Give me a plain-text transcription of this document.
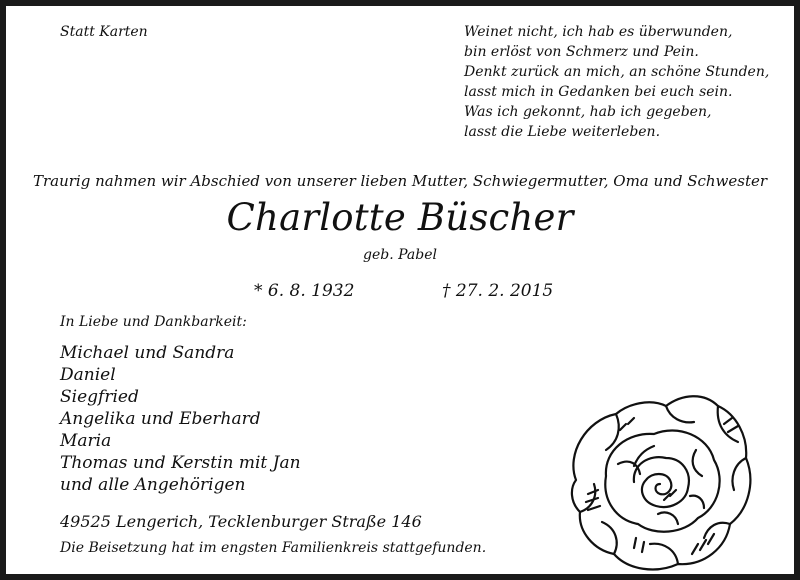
Statt Karten	Weinet nicht, ich hab es überwunden,
bin erlöst von Schmerz und Pein.
Denkt zurück an mich, an schöne Stunden,
lasst mich in Gedanken bei euch sein.
Was ich gekonnt, hab ich gegeben,
lasst die Liebe weiterleben.
Traurig nahmen wir Abschied von unserer lieben Mutter, Schwiegermutter, Oma und Schwester
Charlotte Büscher
geb. Pabel
* 6. 8. 1932	† 27. 2. 2015
In Liebe und Dankbarkeit:
Michael und Sandra
Daniel
Siegfried
Angelika und Eberhard
Maria
Thomas und Kerstin mit Jan
und alle Angehörigen
49525 Lengerich, Tecklenburger Straße 146
Die Beisetzung hat im engsten Familienkreis stattgefunden.
